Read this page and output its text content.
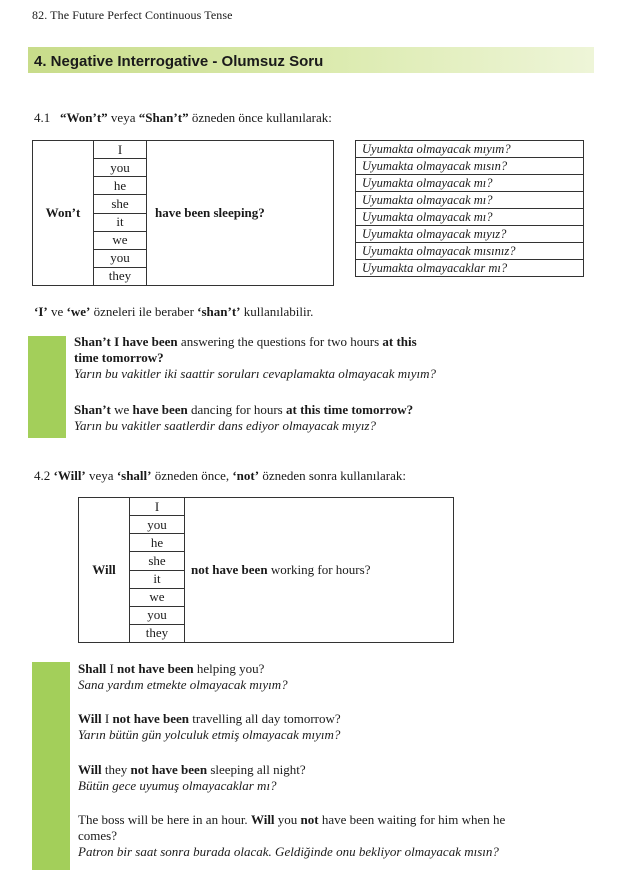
82. The Future Perfect Continuous Tense
4. Negative Interrogative - Olumsuz Soru
4.1 “Won’t” veya “Shan’t” özneden önce kullanılarak:
Won’t	I	have been sleeping?
you
he
she
it
we
you
they
Uyumakta olmayacak mıyım?
Uyumakta olmayacak mısın?
Uyumakta olmayacak mı?
Uyumakta olmayacak mı?
Uyumakta olmayacak mı?
Uyumakta olmayacak mıyız?
Uyumakta olmayacak mısınız?
Uyumakta olmayacaklar mı?
‘I’ ve ‘we’ özneleri ile beraber ‘shan’t’ kullanılabilir.
Shan’t I have been answering the questions for two hours at this
time tomorrow?
Yarın bu vakitler iki saattir soruları cevaplamakta olmayacak mıyım?
Shan’t we have been dancing for hours at this time tomorrow?
Yarın bu vakitler saatlerdir dans ediyor olmayacak mıyız?
4.2 ‘Will’ veya ‘shall’ özneden önce, ‘not’ özneden sonra kullanılarak:
Will	I	not have been working for hours?
you
he
she
it
we
you
they
Shall I not have been helping you?
Sana yardım etmekte olmayacak mıyım?
Will I not have been travelling all day tomorrow?
Yarın bütün gün yolculuk etmiş olmayacak mıyım?
Will they not have been sleeping all night?
Bütün gece uyumuş olmayacaklar mı?
The boss will be here in an hour. Will you not have been waiting for him when he
comes?
Patron bir saat sonra burada olacak. Geldiğinde onu bekliyor olmayacak mısın?
